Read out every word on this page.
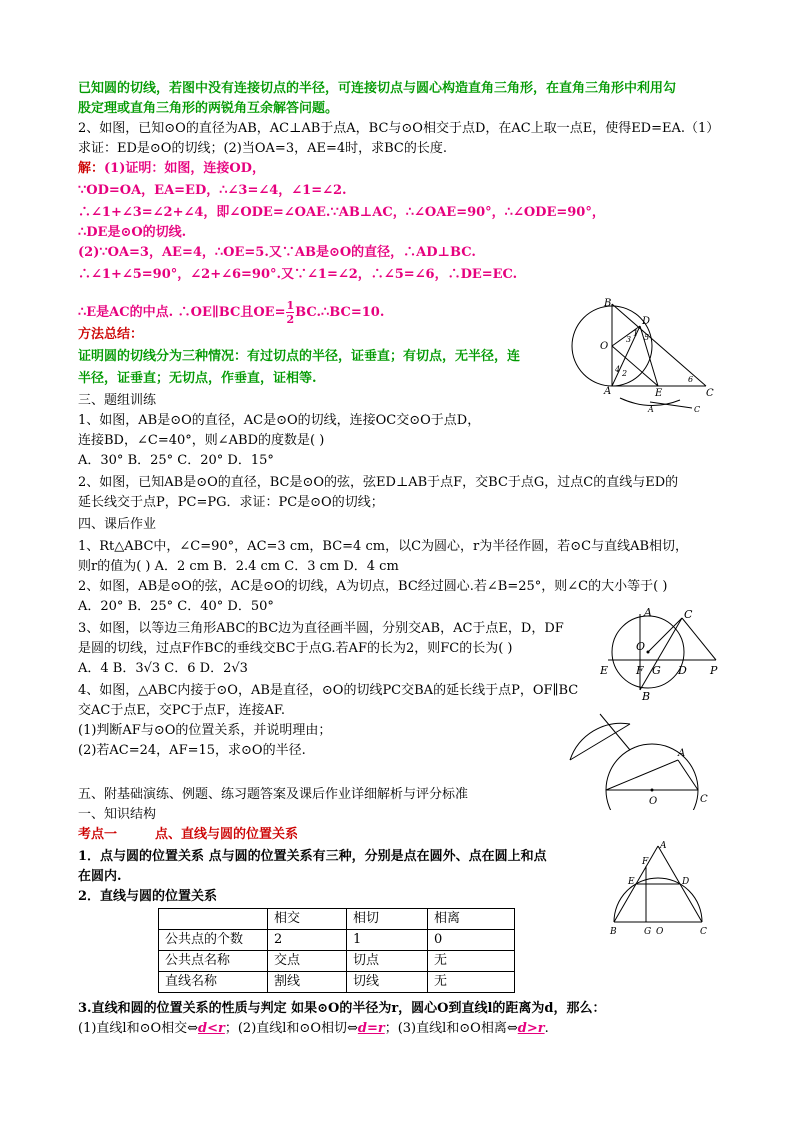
已知圆的切线，若图中没有连接切点的半径，可连接切点与圆心构造直角三角形，在直角三角形中利用勾
股定理或直角三角形的两锐角互余解答问题。
2、如图，已知⊙O的直径为AB，AC⊥AB于点A，BC与⊙O相交于点D，在AC上取一点E，使得ED=EA.（1）
求证：ED是⊙O的切线；(2)当OA=3，AE=4时，求BC的长度.
解：(1)证明：如图，连接OD，
∵OD=OA，EA=ED，∴∠3=∠4，∠1=∠2.
∴∠1+∠3=∠2+∠4，即∠ODE=∠OAE.∵AB⊥AC，∴∠OAE=90°，∴∠ODE=90°，
∴DE是⊙O的切线.
(2)∵OA=3，AE=4，∴OE=5.又∵AB是⊙O的直径，∴AD⊥BC.
∴∠1+∠5=90°，∠2+∠6=90°.又∵∠1=∠2，∴∠5=∠6，∴DE=EC.
∴E是AC的中点. ∴OE∥BC且$OE= \frac{1}{2}$ BC.∴BC=10.
方法总结：
证明圆的切线分为三种情况：有过切点的半径，证垂直；有切点，无半径，连
半径，证垂直；无切点，作垂直，证相等.
三、题组训练
1、如图，AB是⊙O的直径，AC是⊙O的切线，连接OC交⊙O于点D，
连接BD，∠C=40°，则∠ABD的度数是( )
A．30° B．25° C．20° D．15°
2、如图，已知AB是⊙O的直径，BC是⊙O的弦，弦ED⊥AB于点F，交BC于点G，过点C的直线与ED的
延长线交于点P，PC=PG．求证：PC是⊙O的切线；
四、课后作业
1、Rt△ABC中，∠C=90°，AC=3 cm，BC=4 cm，以C为圆心，r为半径作圆，若⊙C与直线AB相切，
则r的值为( ) A．2 cm B．2.4 cm C．3 cm D．4 cm
2、如图，AB是⊙O的弦，AC是⊙O的切线，A为切点，BC经过圆心.若∠B=25°，则∠C的大小等于( )
A．20° B．25° C．40° D．50°
3、如图，以等边三角形ABC的BC边为直径画半圆，分别交AB，AC于点E，D，DF
是圆的切线，过点F作BC的垂线交BC于点G.若AF的长为2，则FC的长为( )
A．4 B．3√3 C．6 D．2√3
4、如图，△ABC内接于⊙O，AB是直径，⊙O的切线PC交BA的延长线于点P，OF∥BC
交AC于点E，交PC于点F，连接AF.
(1)判断AF与⊙O的位置关系，并说明理由；
(2)若AC=24，AF=15，求⊙O的半径.
五、附基础演练、例题、练习题答案及课后作业详细解析与评分标准
一、知识结构
考点一	点、直线与圆的位置关系
1．点与圆的位置关系 点与圆的位置关系有三种，分别是点在圆外、点在圆上和点
在圆内.
2．直线与圆的位置关系
	相交	相切	相离
公共点的个数	2	1	0
公共点名称	交点	切点	无
直线名称	割线	切线	无
3.直线和圆的位置关系的性质与判定 如果⊙O的半径为r，圆心O到直线l的距离为d，那么：
(1)直线l和⊙O相交⇔d<r；(2)直线l和⊙O相切⇔d=r；(3)直线l和⊙O相离⇔d>r.
B
O
A	E	C
D
1
2
3
4
5
6
A	C
A	C
O
E	F G D P
B
A
O	C
A
F
E	D
B	G O	C
